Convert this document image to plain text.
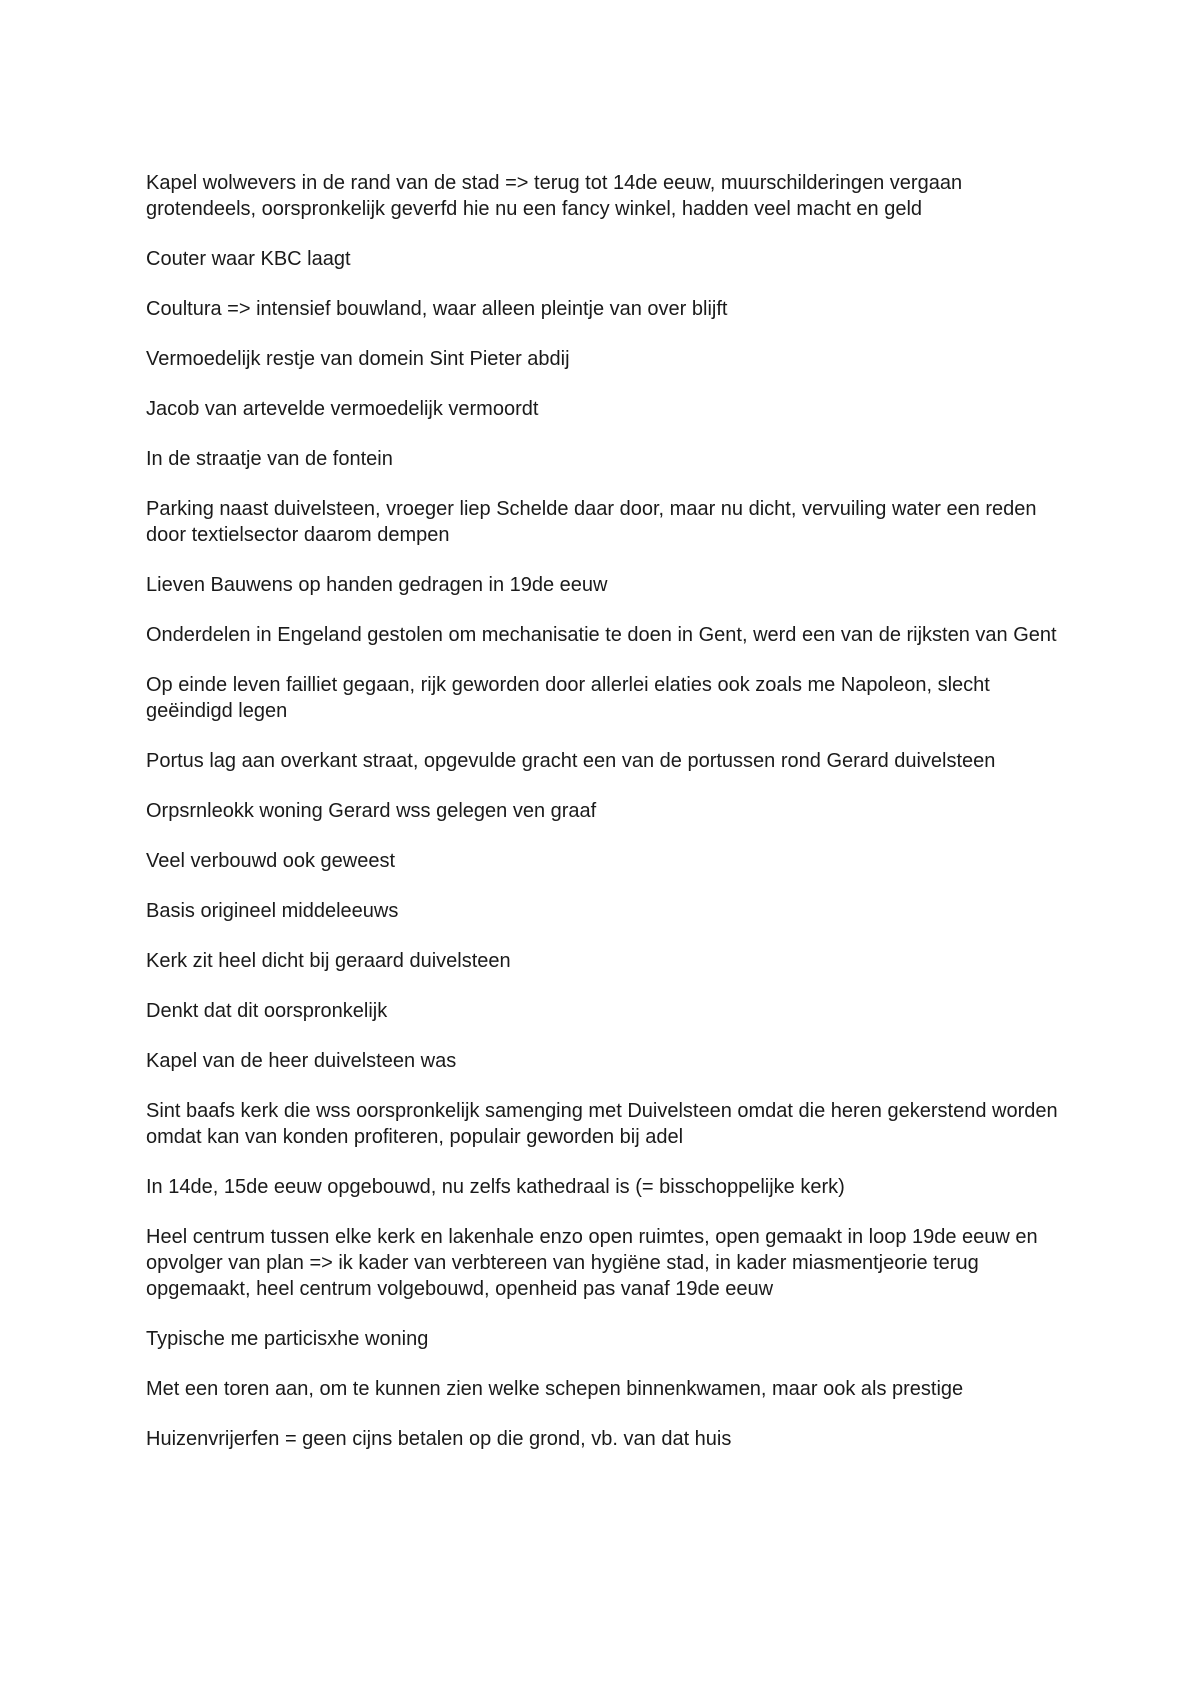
Kapel wolwevers in de rand van de stad => terug tot 14de eeuw, muurschilderingen vergaan grotendeels, oorspronkelijk geverfd hie nu een fancy winkel, hadden veel macht en geld

Couter waar KBC laagt

Coultura => intensief bouwland, waar alleen pleintje van over blijft

Vermoedelijk restje van domein Sint Pieter abdij

Jacob van artevelde vermoedelijk vermoordt

In de straatje van de fontein

Parking naast duivelsteen, vroeger liep Schelde daar door, maar nu dicht, vervuiling water een reden door textielsector daarom dempen

Lieven Bauwens op handen gedragen in 19de eeuw

Onderdelen in Engeland gestolen om mechanisatie te doen in Gent, werd een van de rijksten van Gent

Op einde leven failliet gegaan, rijk geworden door allerlei elaties ook zoals me Napoleon, slecht geëindigd legen

Portus lag aan overkant straat, opgevulde gracht een van de portussen rond Gerard duivelsteen

Orpsrnleokk woning Gerard wss gelegen ven graaf

Veel verbouwd ook geweest

Basis origineel middeleeuws

Kerk zit heel dicht bij geraard duivelsteen

Denkt dat dit oorspronkelijk

Kapel van de heer duivelsteen was

Sint baafs kerk die wss oorspronkelijk samenging met Duivelsteen omdat die heren gekerstend worden omdat kan van konden profiteren, populair geworden bij adel

In 14de, 15de eeuw opgebouwd, nu zelfs kathedraal is (= bisschoppelijke kerk)

Heel centrum tussen elke kerk en lakenhale enzo open ruimtes, open gemaakt in loop 19de eeuw en opvolger van plan => ik kader van verbtereen van hygiëne stad, in kader miasmentjeorie terug opgemaakt, heel centrum volgebouwd, openheid pas vanaf 19de eeuw

Typische me particisxhe woning

Met een toren aan, om te kunnen zien welke schepen binnenkwamen, maar ook als prestige

Huizenvrijerfen = geen cijns betalen op die grond, vb. van dat huis
